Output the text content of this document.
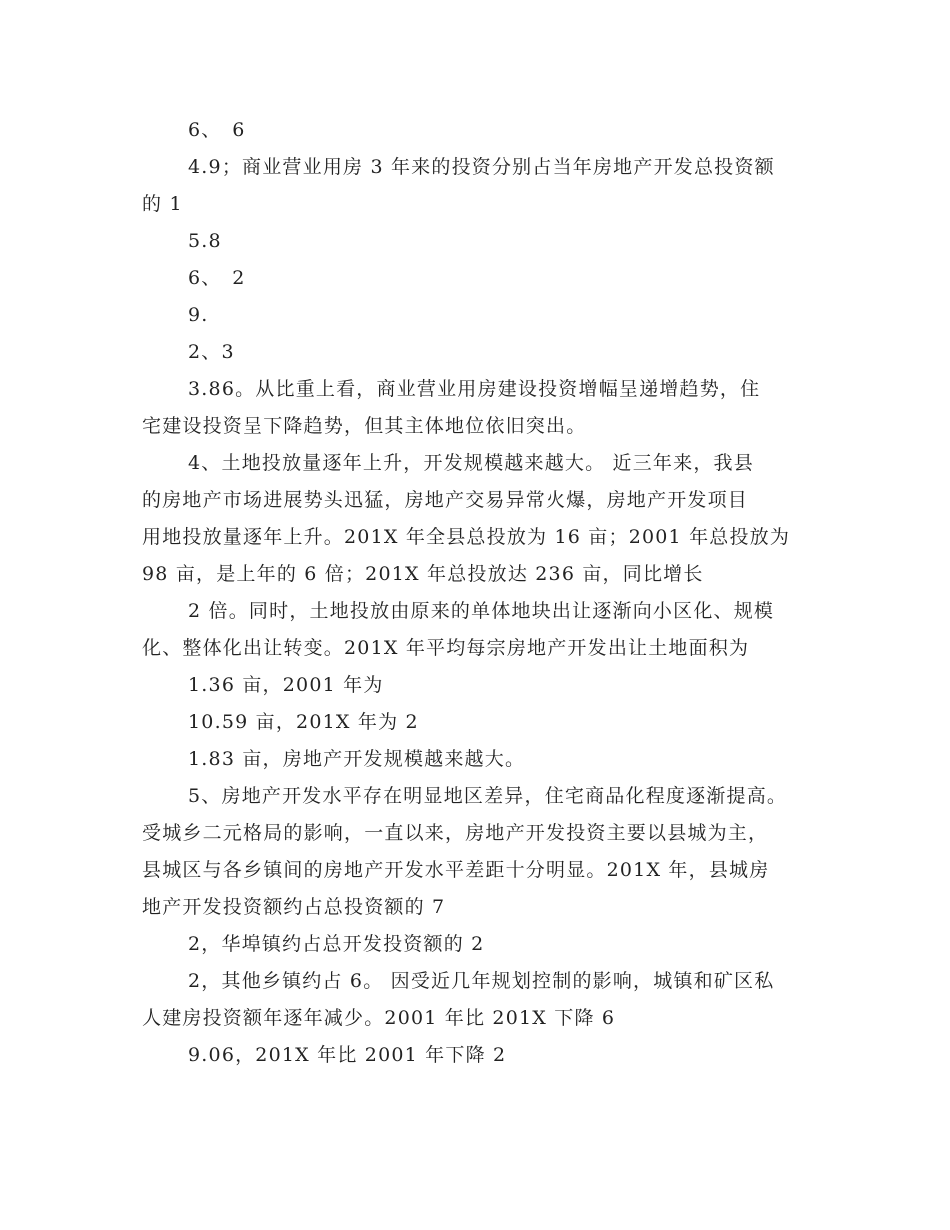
6、　6
4.9；商业营业用房 3 年来的投资分别占当年房地产开发总投资额
的 1
5.8
6、　2
9.
2、3
3.86。从比重上看，商业营业用房建设投资增幅呈递增趋势，住
宅建设投资呈下降趋势，但其主体地位依旧突出。
4、土地投放量逐年上升，开发规模越来越大。 近三年来，我县
的房地产市场进展势头迅猛，房地产交易异常火爆，房地产开发项目
用地投放量逐年上升。201X 年全县总投放为 16 亩；2001 年总投放为
98 亩，是上年的 6 倍；201X 年总投放达 236 亩，同比增长
2 倍。同时，土地投放由原来的单体地块出让逐渐向小区化、规模
化、整体化出让转变。201X 年平均每宗房地产开发出让土地面积为
1.36 亩，2001 年为
10.59 亩，201X 年为 2
1.83 亩，房地产开发规模越来越大。
5、房地产开发水平存在明显地区差异，住宅商品化程度逐渐提高。
受城乡二元格局的影响，一直以来，房地产开发投资主要以县城为主，
县城区与各乡镇间的房地产开发水平差距十分明显。201X 年，县城房
地产开发投资额约占总投资额的 7
2，华埠镇约占总开发投资额的 2
2，其他乡镇约占 6。 因受近几年规划控制的影响，城镇和矿区私
人建房投资额年逐年减少。2001 年比 201X 下降 6
9.06，201X 年比 2001 年下降 2
